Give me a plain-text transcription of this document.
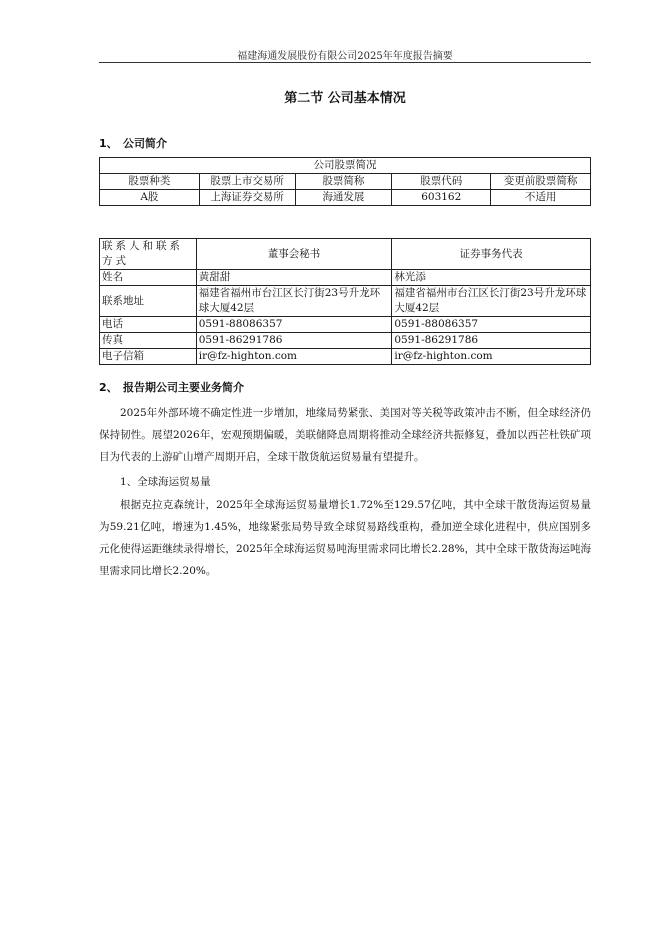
福建海通发展股份有限公司2025年年度报告摘要
第二节 公司基本情况
1、 公司简介
公司股票简况				
股票种类	股票上市交易所	股票简称	股票代码	变更前股票简称
A股	上海证券交易所	海通发展	603162	不适用
联系人和联系方式	董事会秘书	证券事务代表
姓名	黄甜甜	林光添
联系地址	福建省福州市台江区长汀街23号升龙环球大厦42层	福建省福州市台江区长汀街23号升龙环球大厦42层
电话	0591-88086357	0591-88086357
传真	0591-86291786	0591-86291786
电子信箱	ir@fz-highton.com	ir@fz-highton.com
2、 报告期公司主要业务简介
2025年外部环境不确定性进一步增加，地缘局势紧张、美国对等关税等政策冲击不断，但全球经济仍保持韧性。展望2026年，宏观预期偏暖，美联储降息周期将推动全球经济共振修复，叠加以西芒杜铁矿项目为代表的上游矿山增产周期开启，全球干散货航运贸易量有望提升。
1、全球海运贸易量
根据克拉克森统计，2025年全球海运贸易量增长1.72%至129.57亿吨，其中全球干散货海运贸易量为59.21亿吨，增速为1.45%，地缘紧张局势导致全球贸易路线重构，叠加逆全球化进程中，供应国别多元化使得运距继续录得增长，2025年全球海运贸易吨海里需求同比增长2.28%，其中全球干散货海运吨海里需求同比增长2.20%。
